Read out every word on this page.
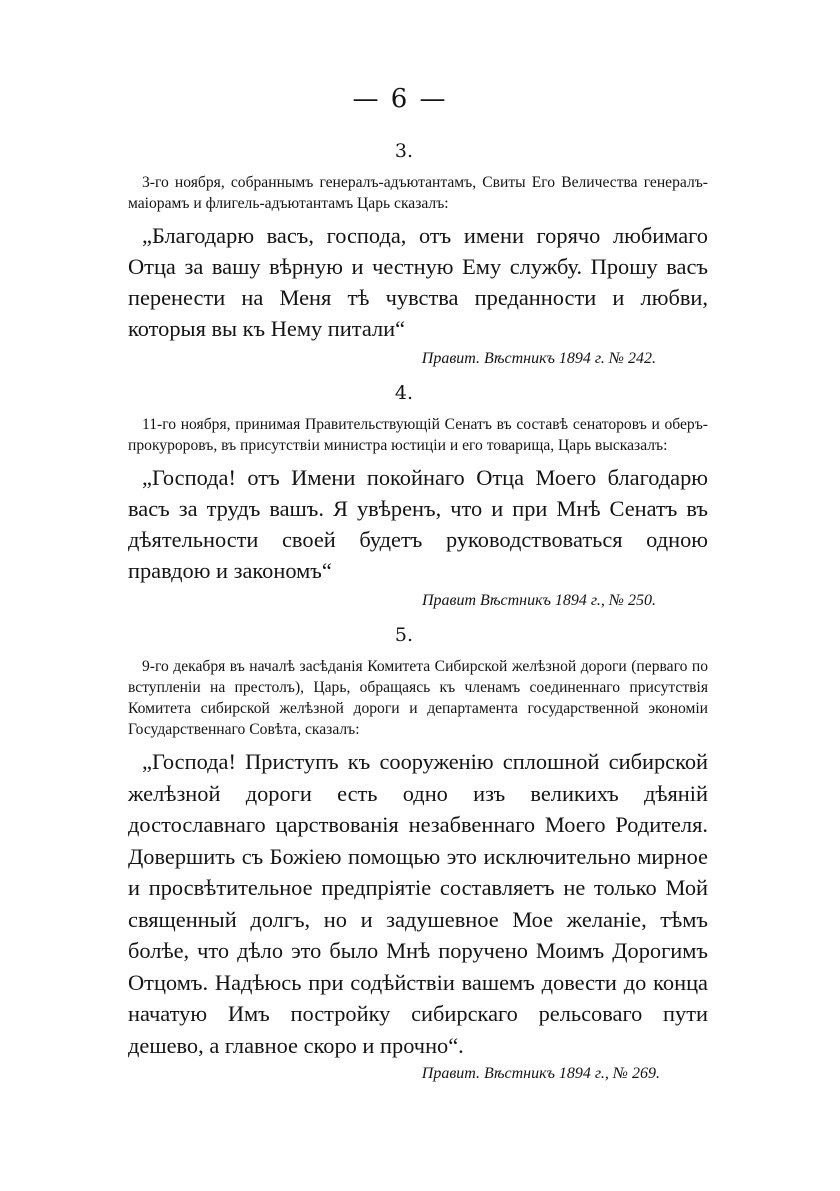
— 6 —
3.

3-го ноября, собраннымъ генералъ-адъютантамъ, Свиты Его Величества генералъ-маiорамъ и флигель-адъютантамъ Царь сказалъ:

„Благодарю васъ, господа, отъ имени горячо любимаго Отца за вашу вѣрную и честную Ему службу. Прошу васъ перенести на Меня тѣ чувства преданности и любви, которыя вы къ Нему питали“

Правит. Вѣстникъ 1894 г. № 242.

4.

11-го ноября, принимая Правительствующiй Сенатъ въ составѣ сенаторовъ и оберъ-прокуроровъ, въ присутствiи министра юстицiи и его товарища, Царь высказалъ:

„Господа! отъ Имени покойнаго Отца Моего благодарю васъ за трудъ вашъ. Я увѣренъ, что и при Мнѣ Сенатъ въ дѣятельности своей будетъ руководствоваться одною правдою и закономъ“

Правит Вѣстникъ 1894 г., № 250.

5.

9-го декабря въ началѣ засѣданiя Комитета Сибирской желѣзной дороги (перваго по вступленiи на престолъ), Царь, обращаясь къ членамъ соединеннаго присутствiя Комитета сибирской желѣзной дороги и департамента государственной экономiи Государственнаго Совѣта, сказалъ:

„Господа! Приступъ къ сооруженiю сплошной сибирской желѣзной дороги есть одно изъ великихъ дѣянiй достославнаго царствованiя незабвеннаго Моего Родителя. Довершить съ Божiею помощью это исключительно мирное и просвѣтительное предпрiятiе составляетъ не только Мой священный долгъ, но и задушевное Мое желанiе, тѣмъ болѣе, что дѣло это было Мнѣ поручено Моимъ Дорогимъ Отцомъ. Надѣюсь при содѣйствiи вашемъ довести до конца начатую Имъ постройку сибирскаго рельсоваго пути дешево, а главное скоро и прочно“.

Правит. Вѣстникъ 1894 г., № 269.
